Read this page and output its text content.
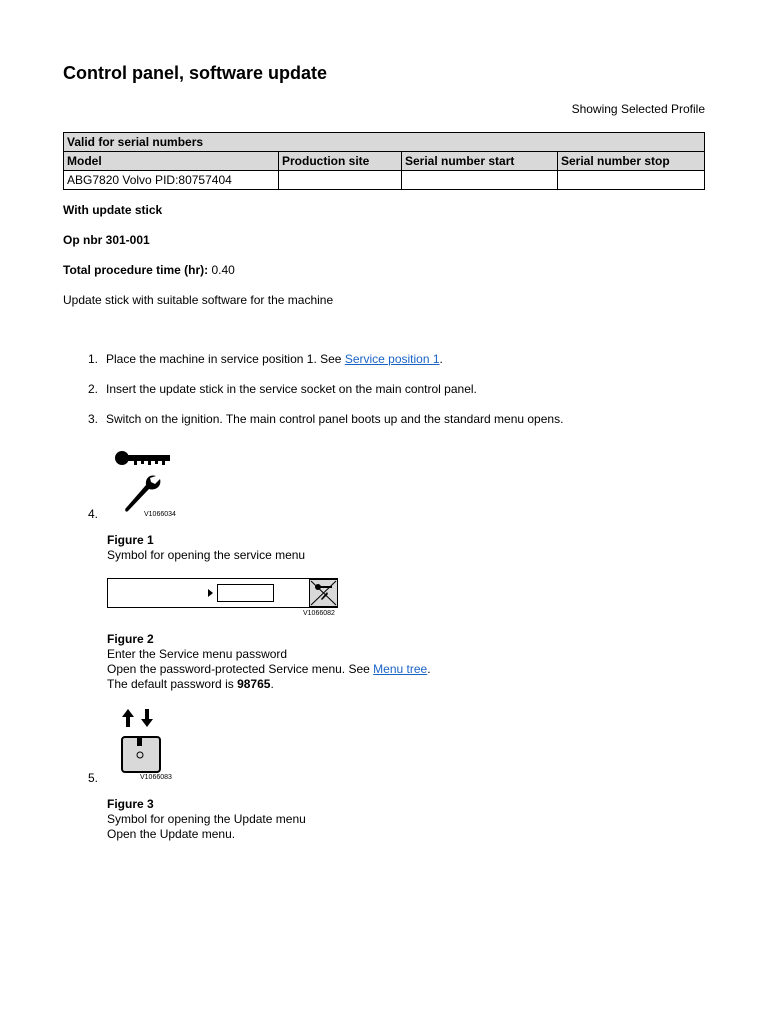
Control panel, software update
Showing Selected Profile
Valid for serial numbers			
Model	Production site	Serial number start	Serial number stop
ABG7820 Volvo PID:80757404			
With update stick
Op nbr 301-001
Total procedure time (hr): 0.40
Update stick with suitable software for the machine
1. Place the machine in service position 1. See Service position 1.
2. Insert the update stick in the service socket on the main control panel.
3. Switch on the ignition. The main control panel boots up and the standard menu opens.
4.	V1066034
Figure 1
Symbol for opening the service menu
V1066082
Figure 2
Enter the Service menu password
Open the password-protected Service menu. See Menu tree.
The default password is 98765.
5.	V1066083
Figure 3
Symbol for opening the Update menu
Open the Update menu.
